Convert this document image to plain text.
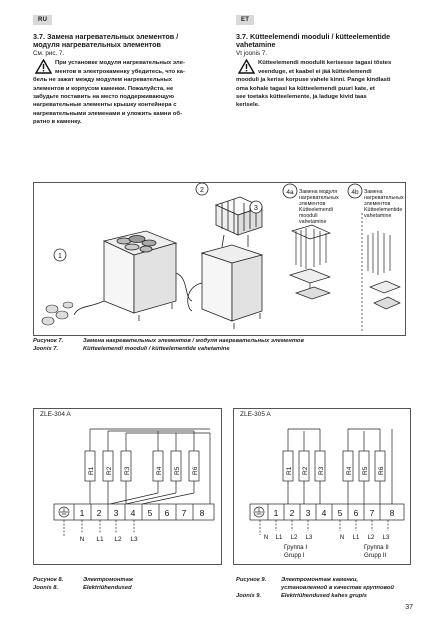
RU	ET
3.7. Замена нагревательных элементов /
модуля нагревательных элементов
См. рис. 7.
При установке модуля нагревательных эле-
ментов в электрокаменку убедитесь, что ка-
бель не зажат между модулем нагревательных
элементов и корпусом каменки. Пожалуйста, не
забудьте поставить на место поддерживающую
нагревательные элементы крышку контейнера с
нагревательными элеменами и уложить камни об-
ратно в каменку.
3.7. Kütteelemendi mooduli / kütteelementide
vahetamine
Vt joonis 7.
Kütteelemendi moodulit kerisesse tagasi tõstes
veenduge, et kaabel ei jää kütteelemendi
mooduli ja kerise korpuse vahele kinni. Pange kindlasti
oma kohale tagasi ka kütteelemendi puuri kate, et
see toetaks kütteelemente, ja laduge kivid taas
kerisele.
1
2
3
4a	4b
Замена модуля
нагревательных
элементов
Kütteelemendi
mooduli
vahetamine
Замена
нагревательных
элементов
Kütteelementide
vahetamine
Рисунок 7.	Замена нагревательных элементов / модуля нагревательных элементов
Joonis 7.	Kütteelemendi mooduli / kütteelementide vahetamine
ZLE-304 A
R1 R2 R3	R4 R5 R6
1 2 3 4 5 6 7 8
N L1 L2 L3
ZLE-305 A
R1 R2 R3	R4 R5 R6
1 2 3 4 5 6 7 8
N L1 L2 L3	N L1 L2 L3
Группа I
Grupp I
Группа II
Grupp II
Рисунок 8.	Электромонтаж
Joonis 8.	Elektriühendused
Рисунок 9.	Электромонтаж каменки,
установленной в качестве групповой
Joonis 9.	Elektriühendused kahes grupis
37
